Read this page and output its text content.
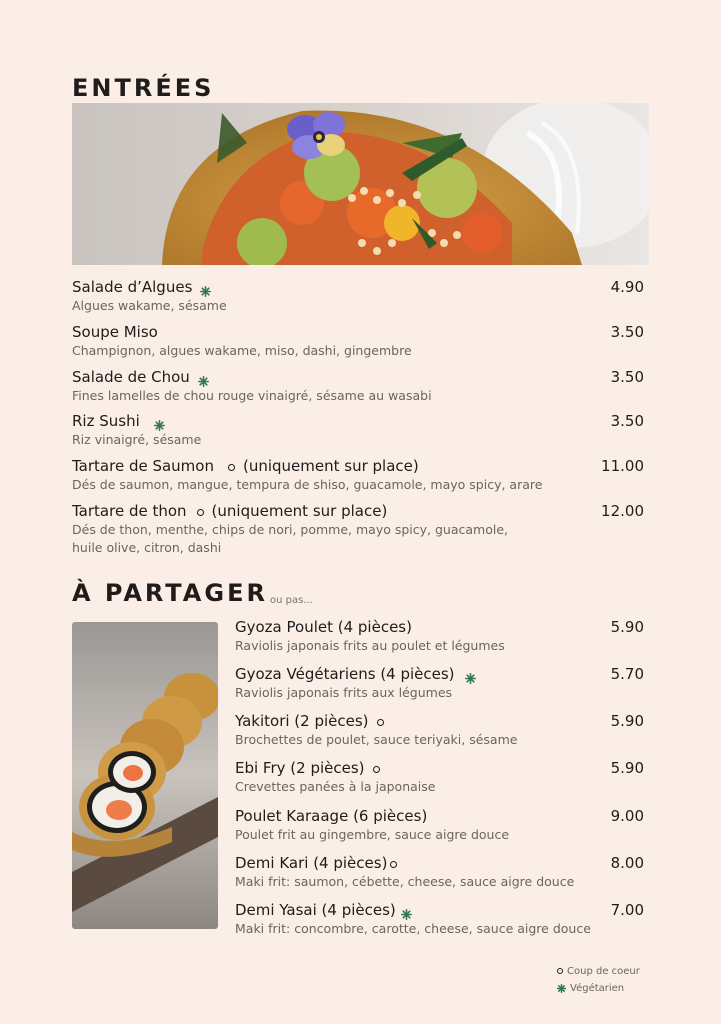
ENTRÉES
Salade d’Algues
Algues wakame, sésame
4.90
Soupe Miso
Champignon, algues wakame, miso, dashi, gingembre
3.50
Salade de Chou
Fines lamelles de chou rouge vinaigré, sésame au wasabi
3.50
Riz Sushi
Riz vinaigré, sésame
3.50
Tartare de Saumon (uniquement sur place)
Dés de saumon, mangue, tempura de shiso, guacamole, mayo spicy, arare
11.00
Tartare de thon (uniquement sur place)
Dés de thon, menthe, chips de nori, pomme, mayo spicy, guacamole, huile olive, citron, dashi
12.00
À PARTAGER ou pas...
Gyoza Poulet (4 pièces)
Raviolis japonais frits au poulet et légumes
5.90
Gyoza Végétariens (4 pièces)
Raviolis japonais frits aux légumes
5.70
Yakitori (2 pièces)
Brochettes de poulet, sauce teriyaki, sésame
5.90
Ebi Fry (2 pièces)
Crevettes panées à la japonaise
5.90
Poulet Karaage (6 pièces)
Poulet frit au gingembre, sauce aigre douce
9.00
Demi Kari (4 pièces)
Maki frit: saumon, cébette, cheese, sauce aigre douce
8.00
Demi Yasai (4 pièces)
Maki frit: concombre, carotte, cheese, sauce aigre douce
7.00
Coup de coeur
Végétarien
